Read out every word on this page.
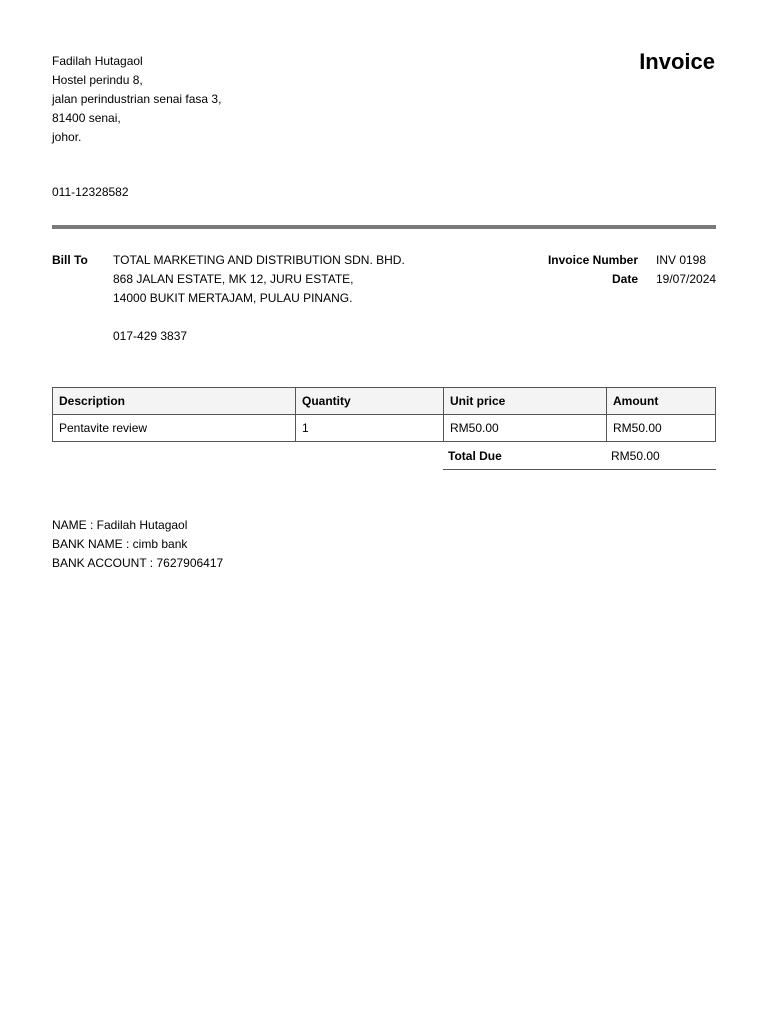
Fadilah Hutagaol
Hostel perindu 8,
jalan perindustrian senai fasa 3,
81400 senai,
johor.
011-12328582
Invoice
Bill To TOTAL MARKETING AND DISTRIBUTION SDN. BHD.
868 JALAN ESTATE, MK 12, JURU ESTATE,
14000 BUKIT MERTAJAM, PULAU PINANG.
017-429 3837
Invoice Number INV 0198
Date 19/07/2024
Description	Quantity	Unit price	Amount
Pentavite review	1	RM50.00	RM50.00
Total Due	RM50.00
NAME : Fadilah Hutagaol
BANK NAME : cimb bank
BANK ACCOUNT : 7627906417
